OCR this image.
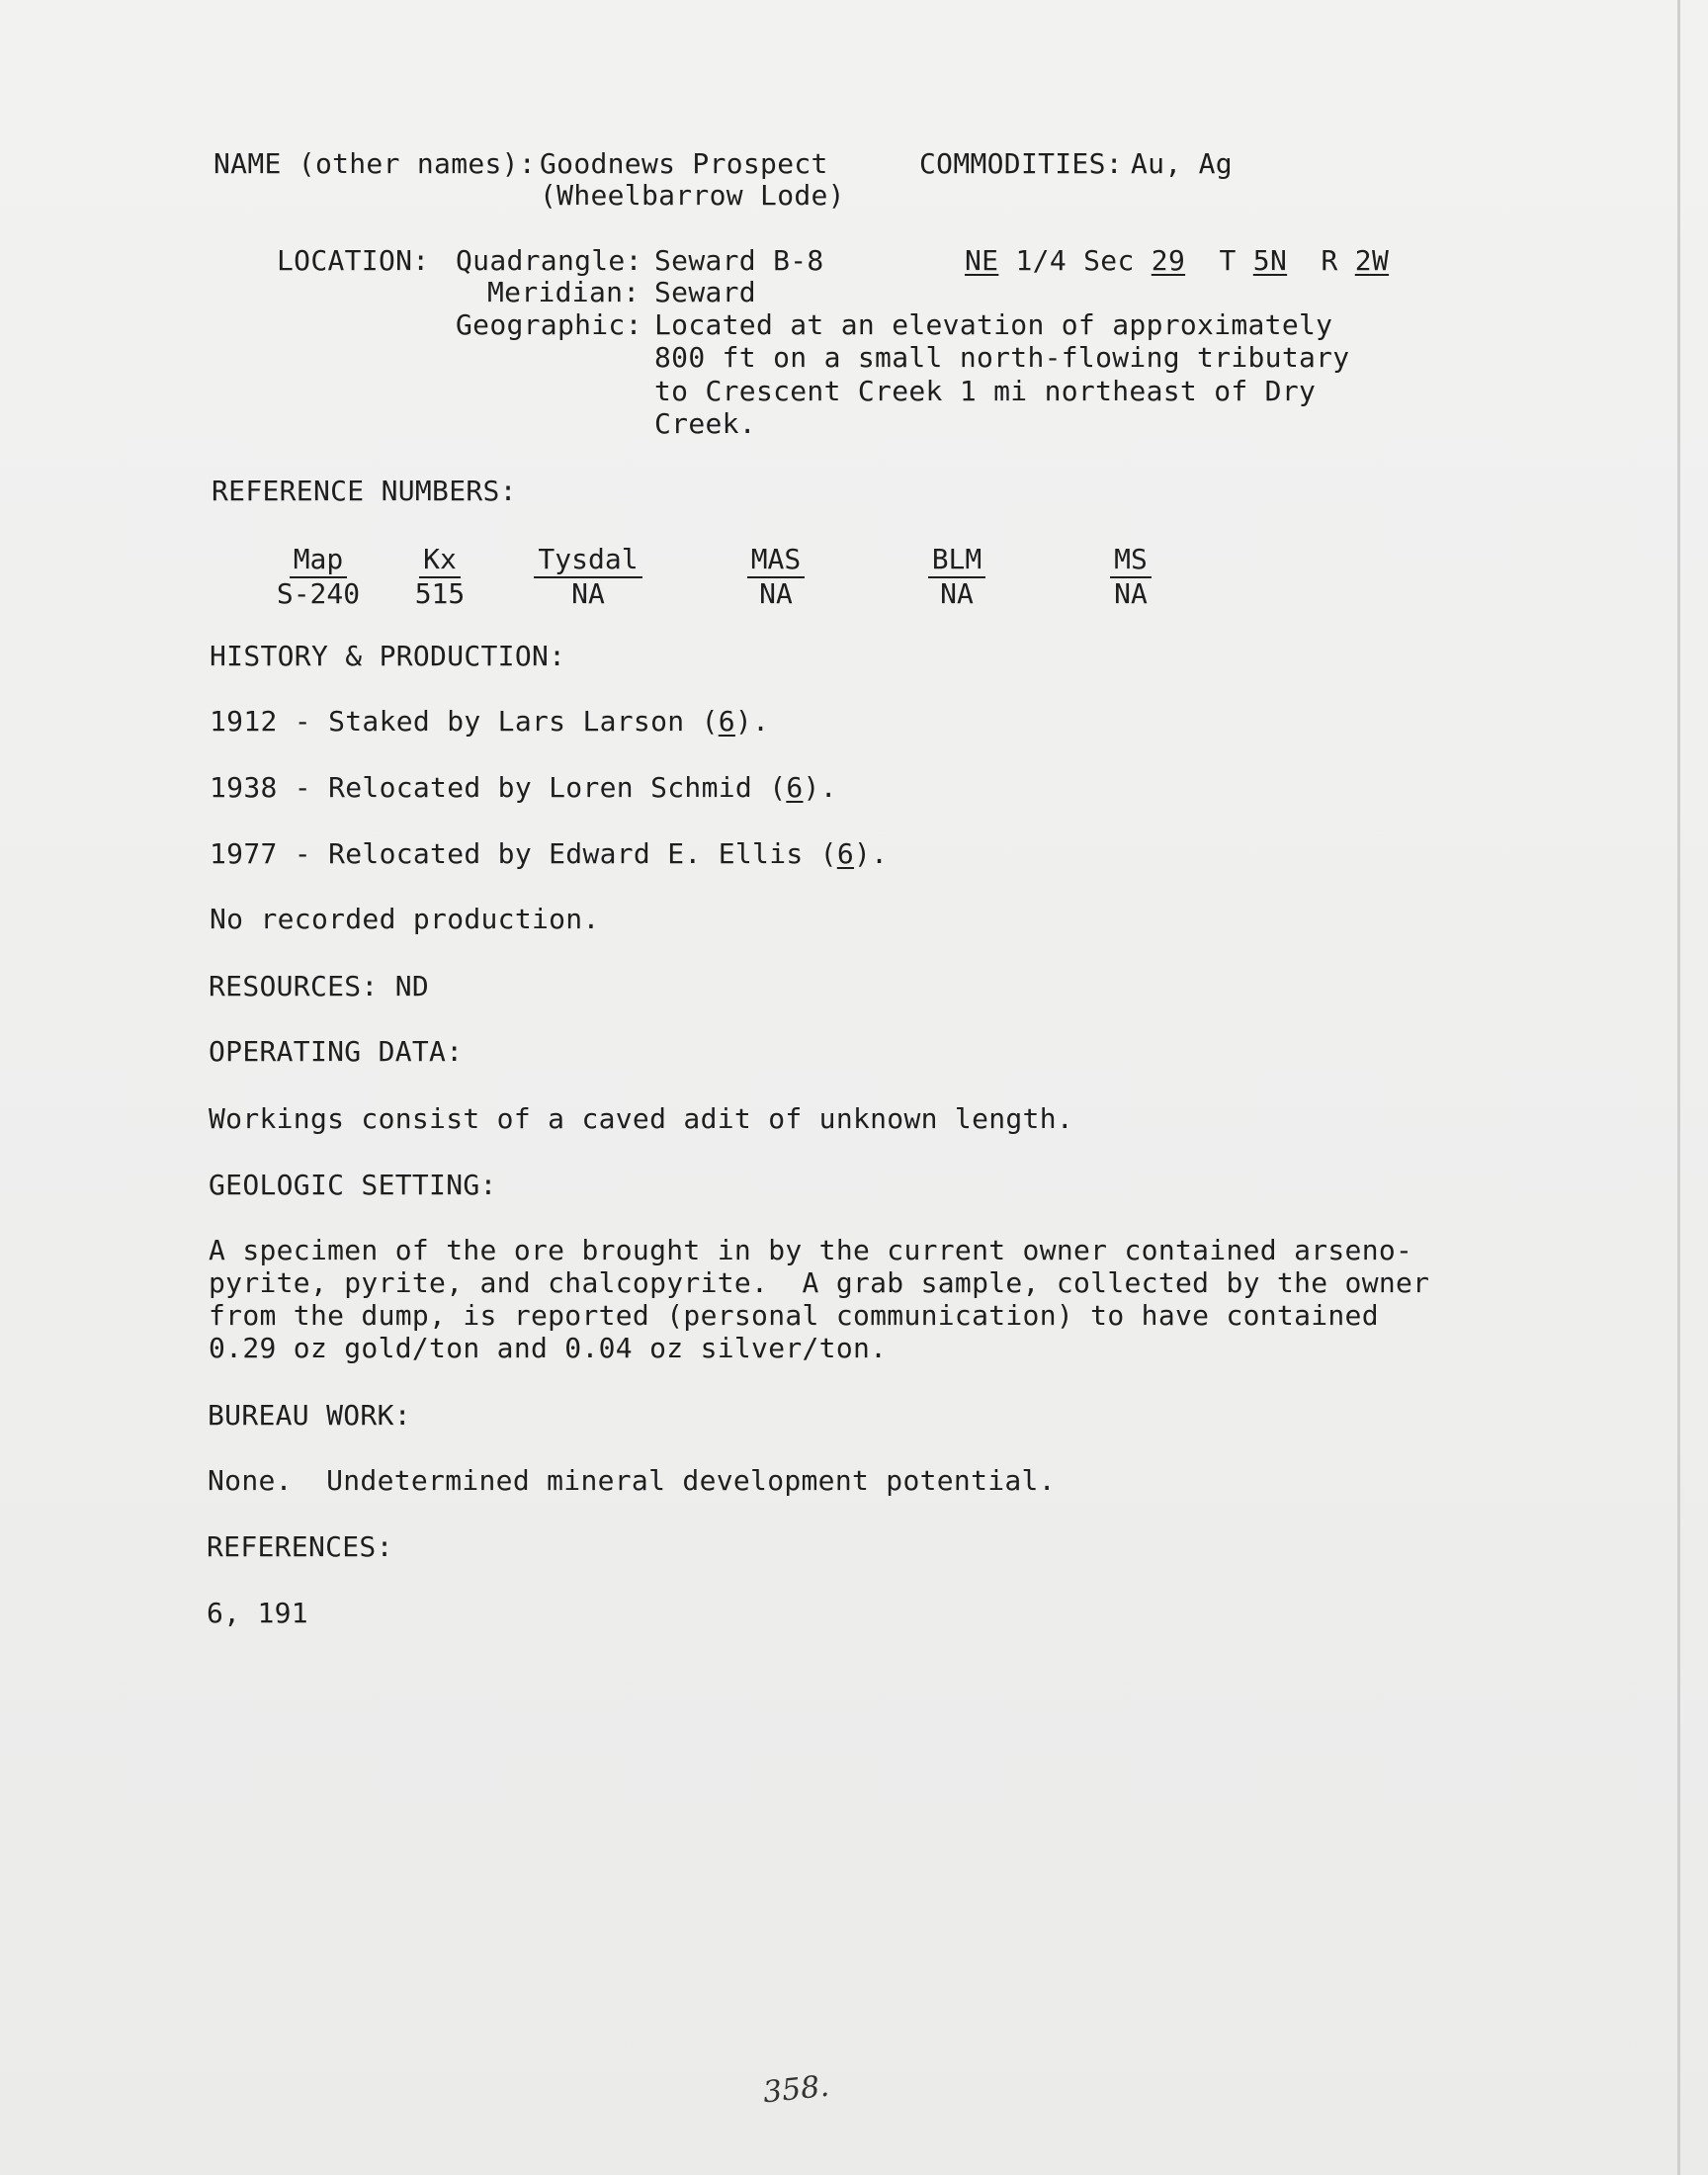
NAME (other names): Goodnews Prospect
(Wheelbarrow Lode)
COMMODITIES: Au, Ag
LOCATION: Quadrangle: Seward B-8	NE 1/4 Sec 29 T 5N R 2W
Meridian: Seward
Geographic: Located at an elevation of approximately
800 ft on a small north-flowing tributary
to Crescent Creek 1 mi northeast of Dry
Creek.
REFERENCE NUMBERS:
Map
S-240
Kx
515
Tysdal
NA
MAS
NA
BLM
NA
MS
NA
HISTORY & PRODUCTION:
1912 - Staked by Lars Larson (6).
1938 - Relocated by Loren Schmid (6).
1977 - Relocated by Edward E. Ellis (6).
No recorded production.
RESOURCES: ND
OPERATING DATA:
Workings consist of a caved adit of unknown length.
GEOLOGIC SETTING:
A specimen of the ore brought in by the current owner contained arseno-
pyrite, pyrite, and chalcopyrite.  A grab sample, collected by the owner
from the dump, is reported (personal communication) to have contained
0.29 oz gold/ton and 0.04 oz silver/ton.
BUREAU WORK:
None.  Undetermined mineral development potential.
REFERENCES:
6, 191
358.
